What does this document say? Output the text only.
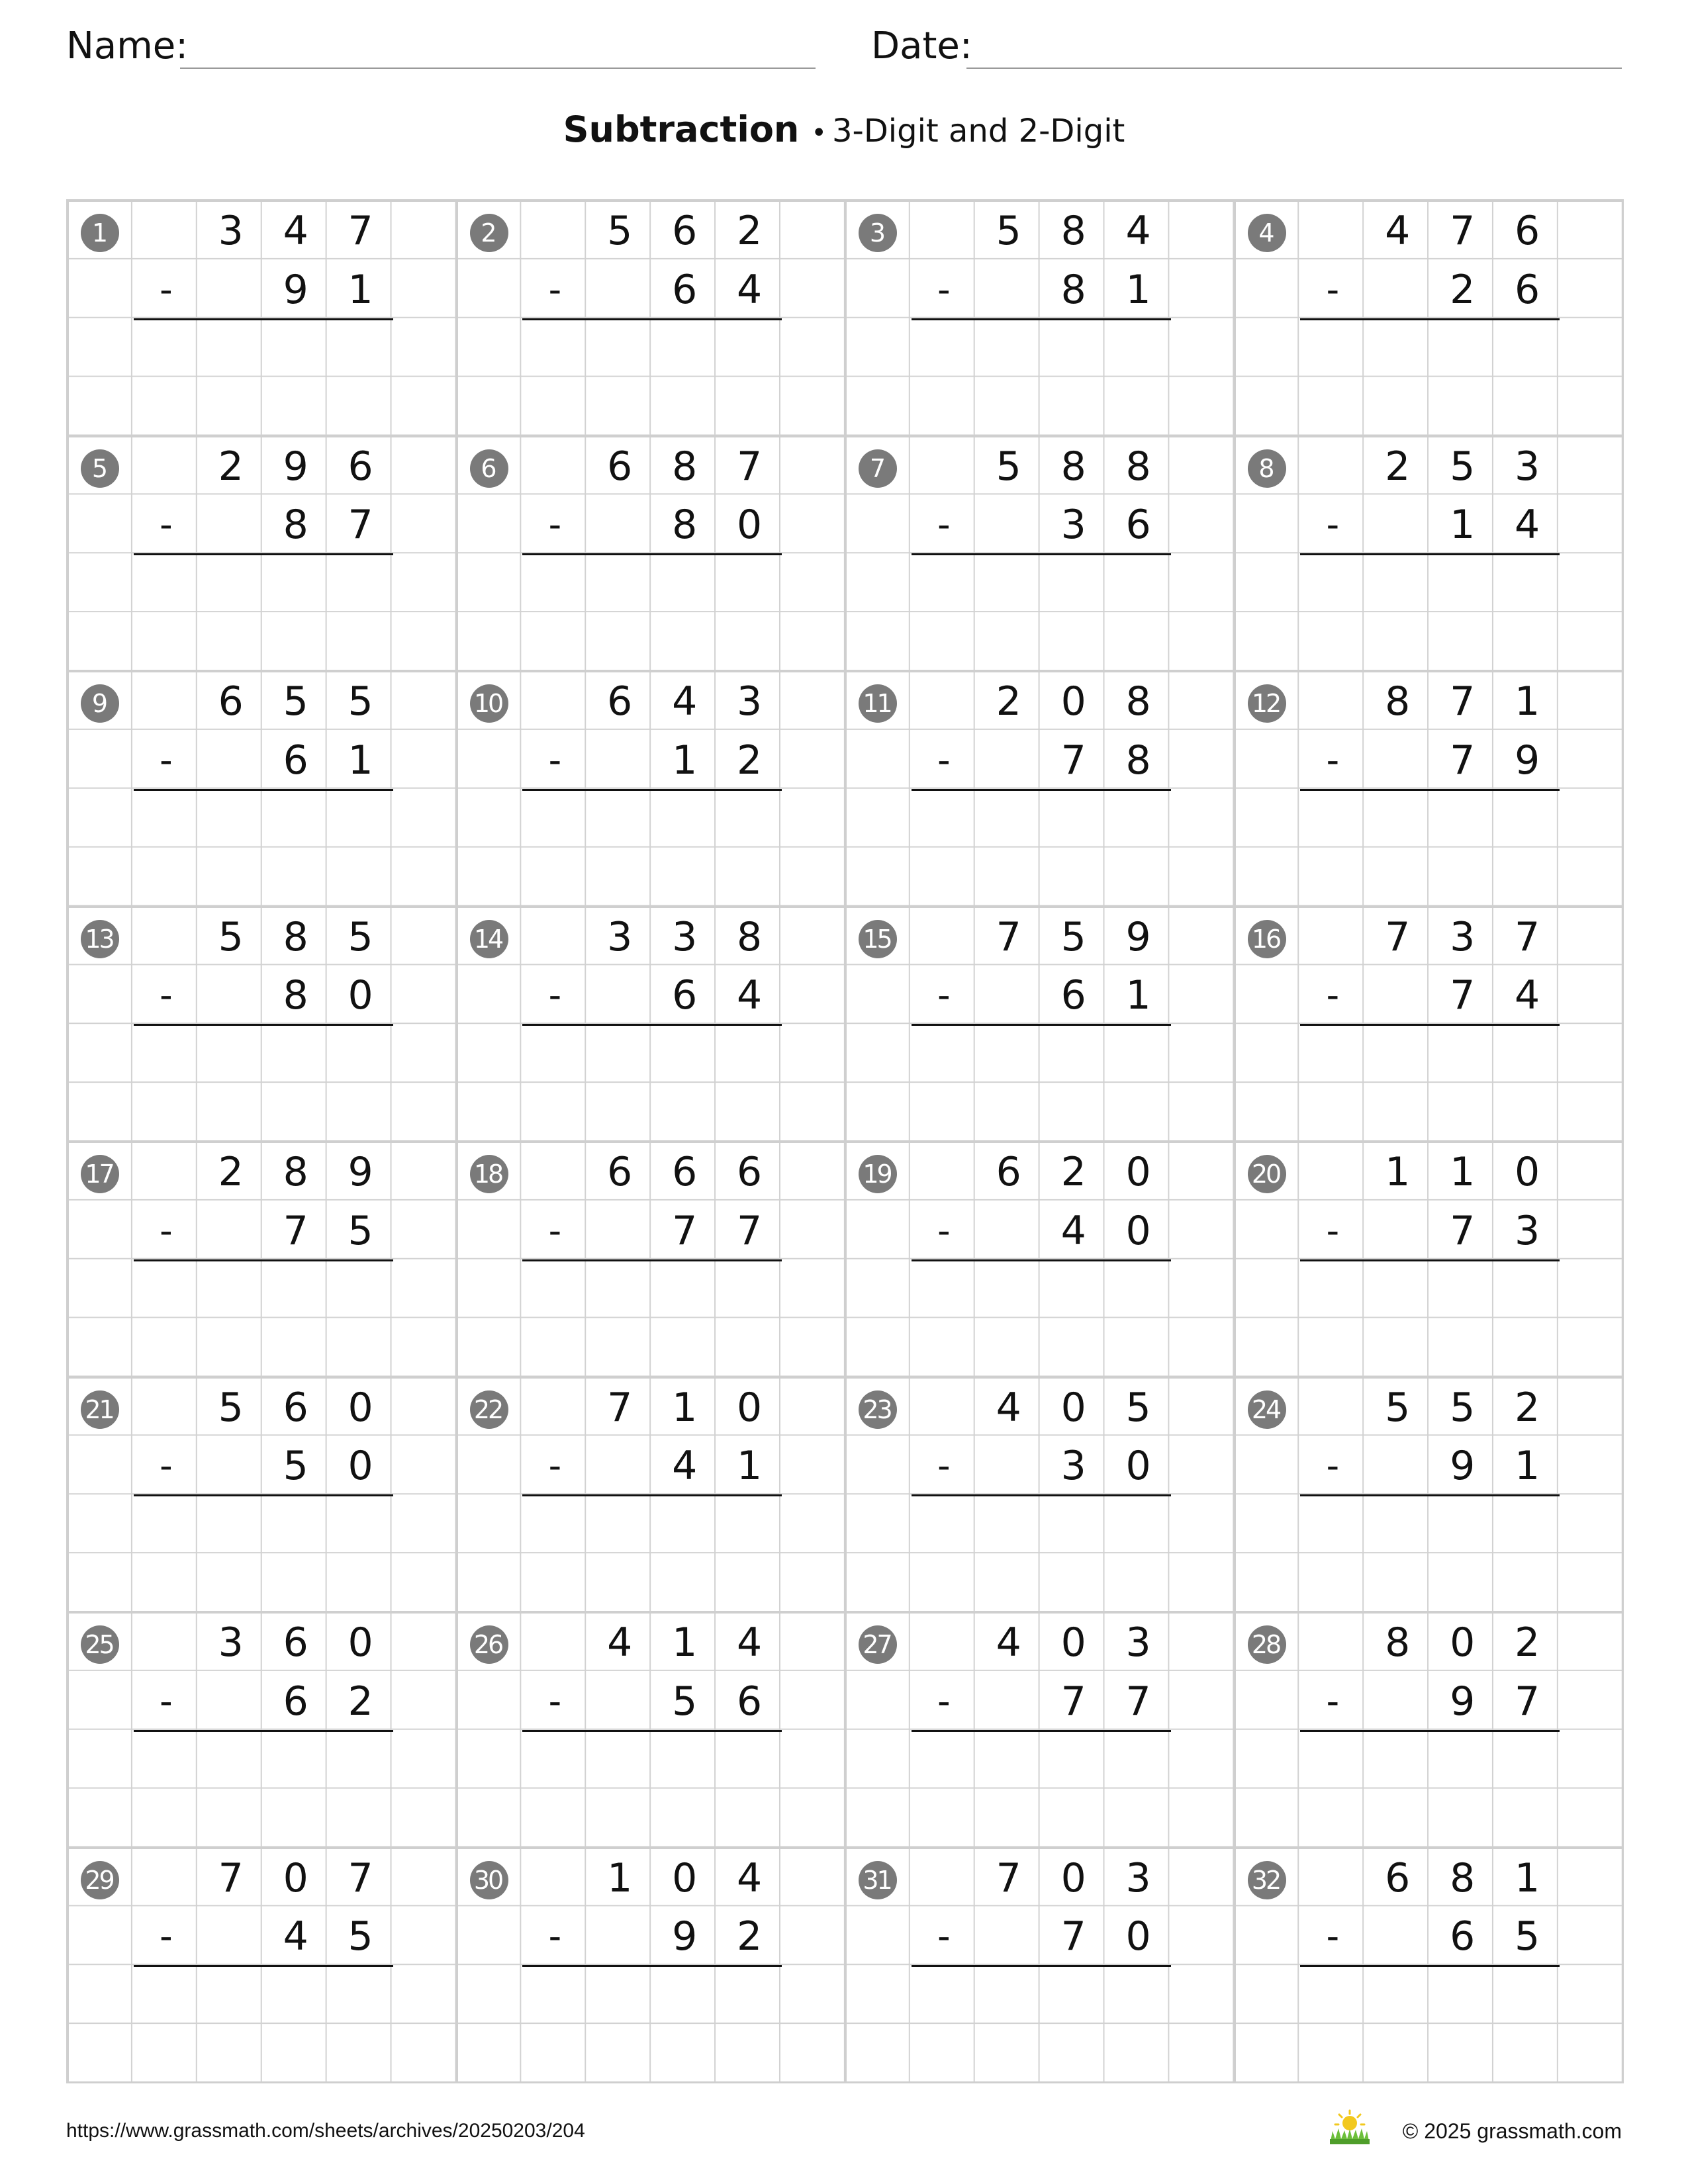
Name:	Date:
Subtraction • 3-Digit and 2-Digit
1	3 4 7
-	9 1
2	5 6 2
-	6 4
3	5 8 4
-	8 1
4	4 7 6
-	2 6
5	2 9 6
-	8 7
6	6 8 7
-	8 0
7	5 8 8
-	3 6
8	2 5 3
-	1 4
9	6 5 5
-	6 1
10	6 4 3
-	1 2
11	2 0 8
-	7 8
12	8 7 1
-	7 9
13	5 8 5
-	8 0
14	3 3 8
-	6 4
15	7 5 9
-	6 1
16	7 3 7
-	7 4
17	2 8 9
-	7 5
18	6 6 6
-	7 7
19	6 2 0
-	4 0
20	1 1 0
-	7 3
21	5 6 0
-	5 0
22	7 1 0
-	4 1
23	4 0 5
-	3 0
24	5 5 2
-	9 1
25	3 6 0
-	6 2
26	4 1 4
-	5 6
27	4 0 3
-	7 7
28	8 0 2
-	9 7
29	7 0 7
-	4 5
30	1 0 4
-	9 2
31	7 0 3
-	7 0
32	6 8 1
-	6 5
https://www.grassmath.com/sheets/archives/20250203/204	© 2025 grassmath.com
